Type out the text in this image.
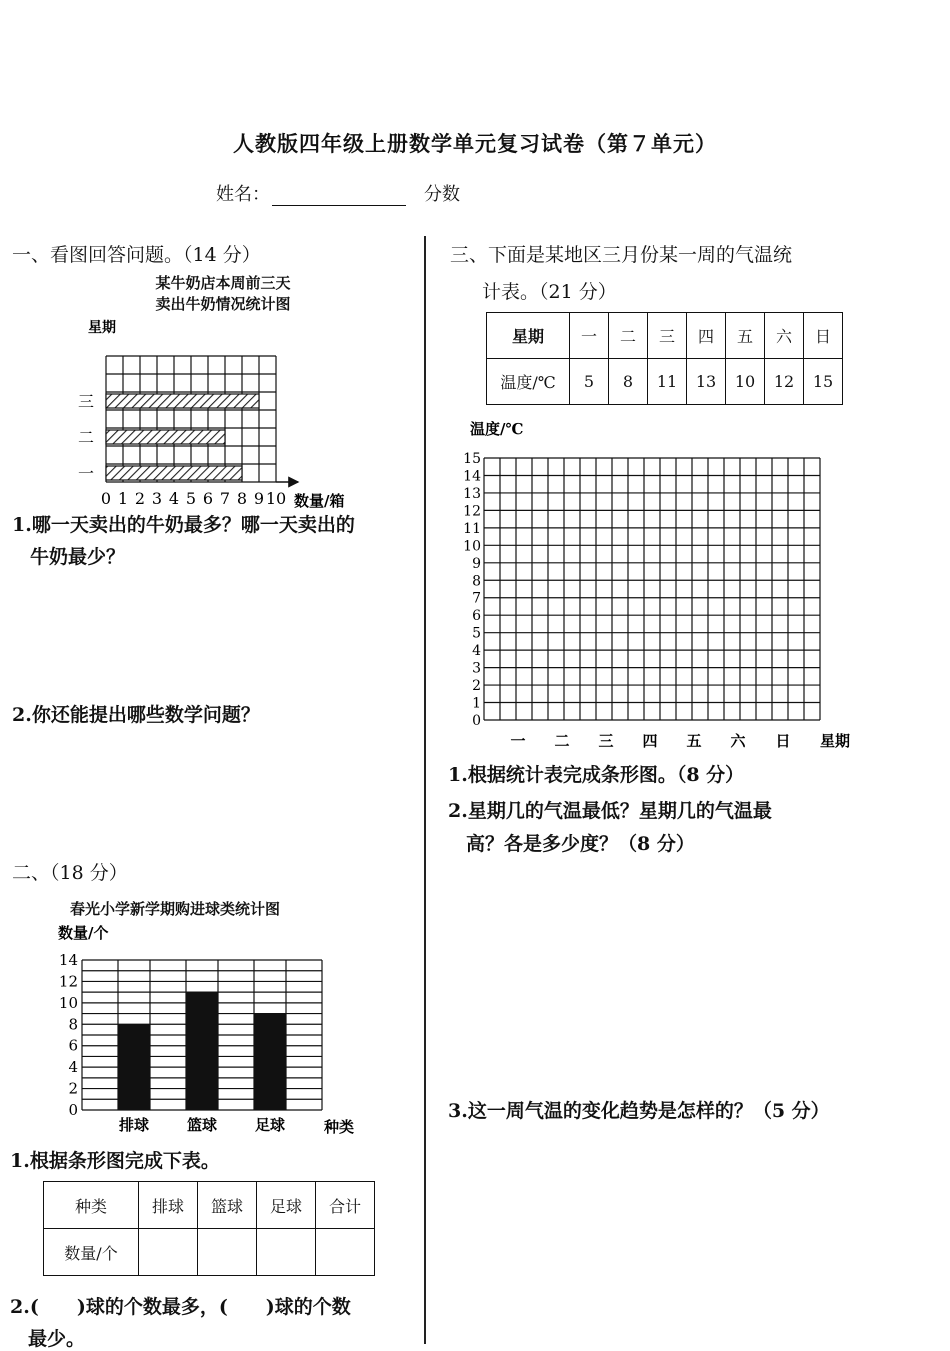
人教版四年级上册数学单元复习试卷（第７单元）
姓名：	分数
一、看图回答问题。（14 分）
某牛奶店本周前三天
卖出牛奶情况统计图
星期
一
二
三
0 1 2 3 4 5 6 7 8 9 10 数量/箱
1.哪一天卖出的牛奶最多？哪一天卖出的
牛奶最少？
2.你还能提出哪些数学问题？
二、（18 分）
春光小学新学期购进球类统计图
数量/个
排球	篮球	足球
0
2
4
6
8
10
12
14
种类
1.根据条形图完成下表。
种类	排球	篮球	足球	合计
数量/个				
2.(　　)球的个数最多，(　　)球的个数
最少。
三、下面是某地区三月份某一周的气温统
计表。（21 分）
星期	一	二	三	四	五	六	日
温度/℃	5	8	11	13	10	12	15
温度/℃
0
1
2
3
4
5
6
7
8
9
10
11
12
13
14
15
一 二 三 四 五 六 日 星期
1.根据统计表完成条形图。（8 分）
2.星期几的气温最低？星期几的气温最
高？各是多少度？（8 分）
3.这一周气温的变化趋势是怎样的？（5 分）
